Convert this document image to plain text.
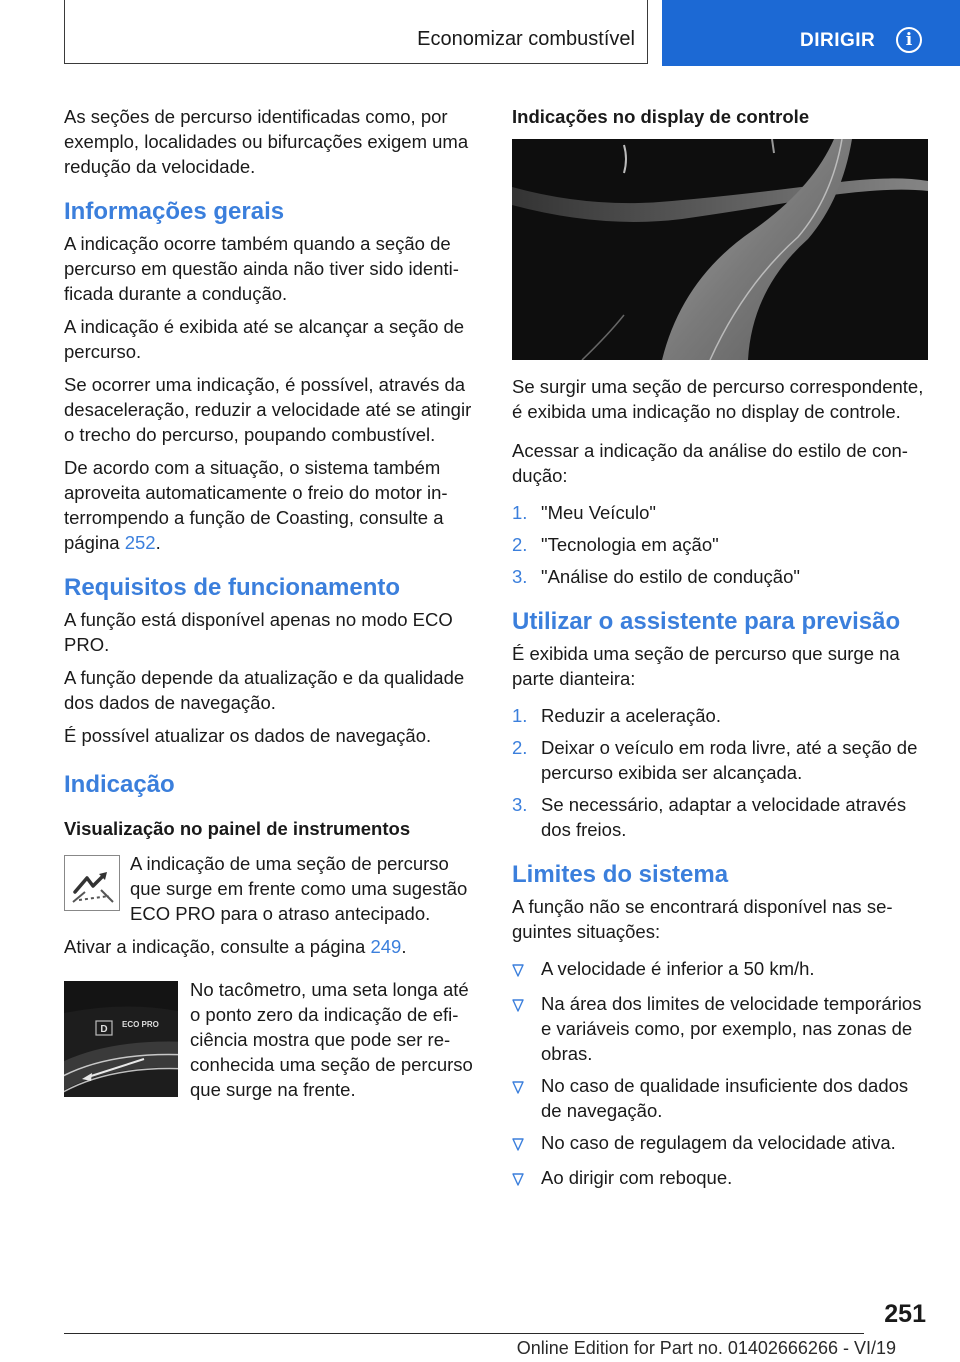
Economizar combustível	DIRIGIR	i

As seções de percurso identificadas como, por exemplo, localidades ou bifurcações exigem uma redução da velocidade.

Informações gerais

A indicação ocorre também quando a seção de percurso em questão ainda não tiver sido identificada durante a condução.

A indicação é exibida até se alcançar a seção de percurso.

Se ocorrer uma indicação, é possível, através da desaceleração, reduzir a velocidade até se atingir o trecho do percurso, poupando combustível.

De acordo com a situação, o sistema também aproveita automaticamente o freio do motor interrompendo a função de Coasting, consulte a página 252.

Requisitos de funcionamento

A função está disponível apenas no modo ECO PRO.

A função depende da atualização e da qualidade dos dados de navegação.

É possível atualizar os dados de navegação.

Indicação
Visualização no painel de instrumentos

A indicação de uma seção de percurso que surge em frente como uma sugestão ECO PRO para o atraso antecipado.

Ativar a indicação, consulte a página 249.

D ECO PRO

No tacômetro, uma seta longa até o ponto zero da indicação de eficiência mostra que pode ser reconhecida uma seção de percurso que surge na frente.

Indicações no display de controle

Se surgir uma seção de percurso correspondente, é exibida uma indicação no display de controle.

Acessar a indicação da análise do estilo de condução:

1. "Meu Veículo"
2. "Tecnologia em ação"
3. "Análise do estilo de condução"
Utilizar o assistente para previsão

É exibida uma seção de percurso que surge na parte dianteira:

1. Reduzir a aceleração.
2. Deixar o veículo em roda livre, até a seção de percurso exibida ser alcançada.
3. Se necessário, adaptar a velocidade através dos freios.
Limites do sistema

A função não se encontrará disponível nas seguintes situações:

A velocidade é inferior a 50 km/h.
Na área dos limites de velocidade temporários e variáveis como, por exemplo, nas zonas de obras.
No caso de qualidade insuficiente dos dados de navegação.
No caso de regulagem da velocidade ativa.
Ao dirigir com reboque.
251
Online Edition for Part no. 01402666266 - VI/19
